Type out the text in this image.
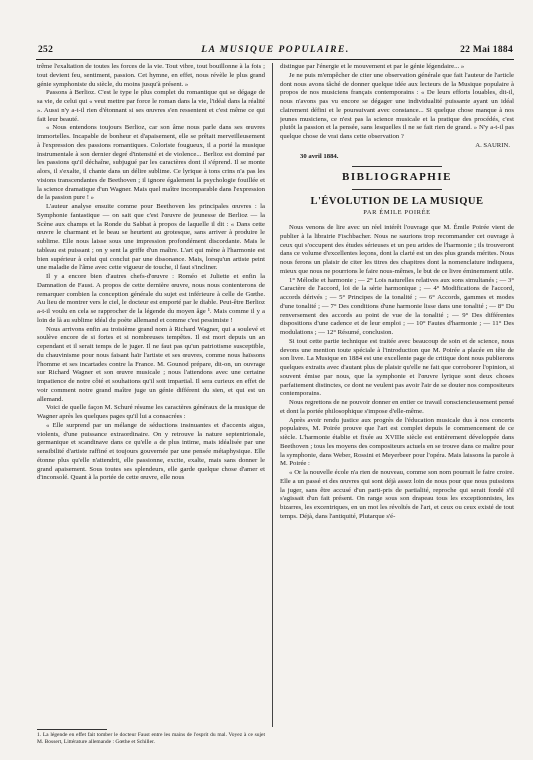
252	LA MUSIQUE POPULAIRE.	22 Mai 1884

trême l'exaltation de toutes les forces de la vie. Tout vibre, tout bouillonne à la fois ; tout devient feu, sentiment, passion. Cet hymne, en effet, nous révèle le plus grand génie symphoniste du siècle, du moins jusqu'à présent. »

Passons à Berlioz. C'est le type le plus complet du romantique qui se dégage de sa vie, de celui qui « veut mettre par force le roman dans la vie, l'idéal dans la réalité ». Aussi n'y a-t-il rien d'étonnant si ses œuvres s'en ressentent et c'est même ce qui fait leur beauté.

« Nous entendons toujours Berlioz, car son âme nous parle dans ses œuvres immortelles. Incapable de bonheur et d'apaisement, elle se prêtait merveilleusement à l'expression des passions romantiques. Coloriste fougueux, il a porté la musique instrumentale à son dernier degré d'intensité et de violence... Berlioz est dominé par les passions qu'il déchaîne, subjugué par les caractères dont il s'éprend. Il se monte alors, il s'exalte, il chante dans un délire sublime. Ce lyrique à tons crins n'a pas les visions transcendantes de Beethoven ; il ignore également la psychologie fouillée et la science dramatique d'un Wagner. Mais quel maître incomparable dans l'expression de la passion pure ! »

L'auteur analyse ensuite comme pour Beethoven les principales œuvres : la Symphonie fantastique — on sait que c'est l'œuvre de jeunesse de Berlioz — la Scène aux champs et la Ronde du Sabbat à propos de laquelle il dit : « Dans cette œuvre le charmant et le beau se heurtent au grotesque, sans arriver à produire le sublime. Elle nous laisse sous une impression profondément discordante. Mais le tableau est puissant ; on y sent la griffe d'un maître. L'art qui mène à l'harmonie est bien supérieur à celui qui conclut par une dissonance. Mais, lorsqu'un artiste peint une maladie de l'âme avec cette vigueur de touche, il faut s'incliner.

Il y a encore bien d'autres chefs-d'œuvre : Roméo et Juliette et enfin la Damnation de Faust. A propos de cette dernière œuvre, nous nous contenterons de remarquer combien la conception générale du sujet est inférieure à celle de Gœthe. Au lieu de montrer vers le ciel, le docteur est emporté par le diable. Peut-être Berlioz a-t-il voulu en cela se rapprocher de la légende du moyen âge ¹. Mais comme il y a loin de là au sublime idéal du poète allemand et comme c'est pessimiste !

Nous arrivons enfin au troisième grand nom à Richard Wagner, qui a soulevé et soulève encore de si fortes et si nombreuses tempêtes. Il est mort depuis un an cependant et il serait temps de le juger. Il ne faut pas qu'un patriotisme susceptible, du chauvinisme pour nous faisant haïr l'artiste et ses œuvres, comme nous haïssons l'homme et ses incartades contre la France. M. Gounod prépare, dit-on, un ouvrage sur Richard Wagner et son œuvre musicale ; nous l'attendons avec une certaine impatience de notre côté et souhaitons qu'il soit impartial. Il sera curieux en effet de voir comment notre grand maître juge un génie différent du sien, et qui est un allemand.

Voici de quelle façon M. Schuré résume les caractères généraux de la musique de Wagner après les quelques pages qu'il lui a consacrées :

« Elle surprend par un mélange de séductions insinuantes et d'accents aigus, violents, d'une puissance extraordinaire. On y retrouve la nature septentrionale, germanique et scandinave dans ce qu'elle a de plus intime, mais idéalisée par une sensibilité d'artiste raffiné et toujours gouvernée par une pensée métaphysique. Elle étonne plus qu'elle n'attendrit, elle passionne, excite, exalte, mais sans donner le grand apaisement. Sous toutes ses splendeurs, elle garde quelque chose d'amer et d'inconsolé. Quant à la portée de cette œuvre, elle nous

distingue par l'énergie et le mouvement et par le génie légendaire... »

Je ne puis m'empêcher de citer une observation générale que fait l'auteur de l'article dont nous avons tâché de donner quelque idée aux lecteurs de la Musique populaire à propos de nos musiciens français contemporains : « De leurs efforts louables, dit-il, nous n'avons pas vu encore se dégager une individualité puissante ayant un idéal clairement défini et le poursuivant avec constance... Si quelque chose manque à nos jeunes musiciens, ce n'est pas la science musicale et la pratique des procédés, c'est plutôt la passion et la pensée, sans lesquelles il ne se fait rien de grand. » N'y a-t-il pas quelque chose de vrai dans cette observation ?

A. SAURIN.
30 avril 1884.
BIBLIOGRAPHIE
L'ÉVOLUTION DE LA MUSIQUE
PAR ÉMILE POIRÉE

Nous venons de lire avec un réel intérêt l'ouvrage que M. Émile Poirée vient de publier à la librairie Fischbacher. Nous ne saurions trop recommander cet ouvrage à ceux qui s'occupent des études sérieuses et un peu arides de l'harmonie ; ils trouveront dans ce volume d'excellentes leçons, dont la clarté est un des plus grands mérites. Nous nous ferons un plaisir de citer les titres des chapitres dont la nomenclature indiquera, mieux que nous ne pourrions le faire nous-mêmes, le but de ce livre éminemment utile.

1° Mélodie et harmonie ; — 2° Lois naturelles relatives aux sons simultanés ; — 3° Caractère de l'accord, loi de la série harmonique ; — 4° Modifications de l'accord, accords dérivés ; — 5° Principes de la tonalité ; — 6° Accords, gammes et modes d'une tonalité ; — 7° Des conditions d'une harmonie lisse dans une tonalité ; — 8° Du renversement des accords au point de vue de la tonalité ; — 9° Des différentes dispositions d'une cadence et de leur emploi ; — 10° Fautes d'harmonie ; — 11° Des modulations ; — 12° Résumé, conclusion.

Si tout cette partie technique est traitée avec beaucoup de soin et de science, nous devons une mention toute spéciale à l'introduction que M. Poirée a placée en tête de son livre. La Musique en 1884 est une excellente page de critique dont nous publierons quelques extraits avec d'autant plus de plaisir qu'elle ne fait que corroborer l'opinion, si souvent émise par nous, que la symphonie et l'œuvre lyrique sont deux choses parfaitement distinctes, ce dont ne veulent pas avoir l'air de se douter nos compositeurs contemporains.

Nous regrettons de ne pouvoir donner en entier ce travail consciencieusement pensé et dont la portée philosophique s'impose d'elle-même.

Après avoir rendu justice aux progrès de l'éducation musicale dus à nos concerts populaires, M. Poirée prouve que l'art est complet depuis le commencement de ce siècle. L'harmonie établie et fixée au XVIIIe siècle est entièrement développée dans Beethoven ; tous les moyens des compositeurs actuels en se trouve dans ce maître pour la symphonie, dans Weber, Rossini et Meyerbeer pour l'opéra. Mais laissons la parole à M. Poirée :

« Or la nouvelle école n'a rien de nouveau, comme son nom pourrait le faire croire. Elle a un passé et des œuvres qui sont déjà assez loin de nous pour que nous puissions la juger, sans être accusé d'un parti-pris de partialité, reproche qui serait fondé s'il s'agissait d'un fait présent. On range sous son drapeau tous les exceptionnistes, les bizarres, les excentriques, en un mot les révoltés de l'art, et ceux ou ceux existé de tout temps. Déjà, dans l'antiquité, Plutarque s'é-

1. La légende en effet fait tomber le docteur Faust entre les mains de l'esprit du mal. Voyez à ce sujet M. Bossert, Littérature allemande : Gœthe et Schiller.
